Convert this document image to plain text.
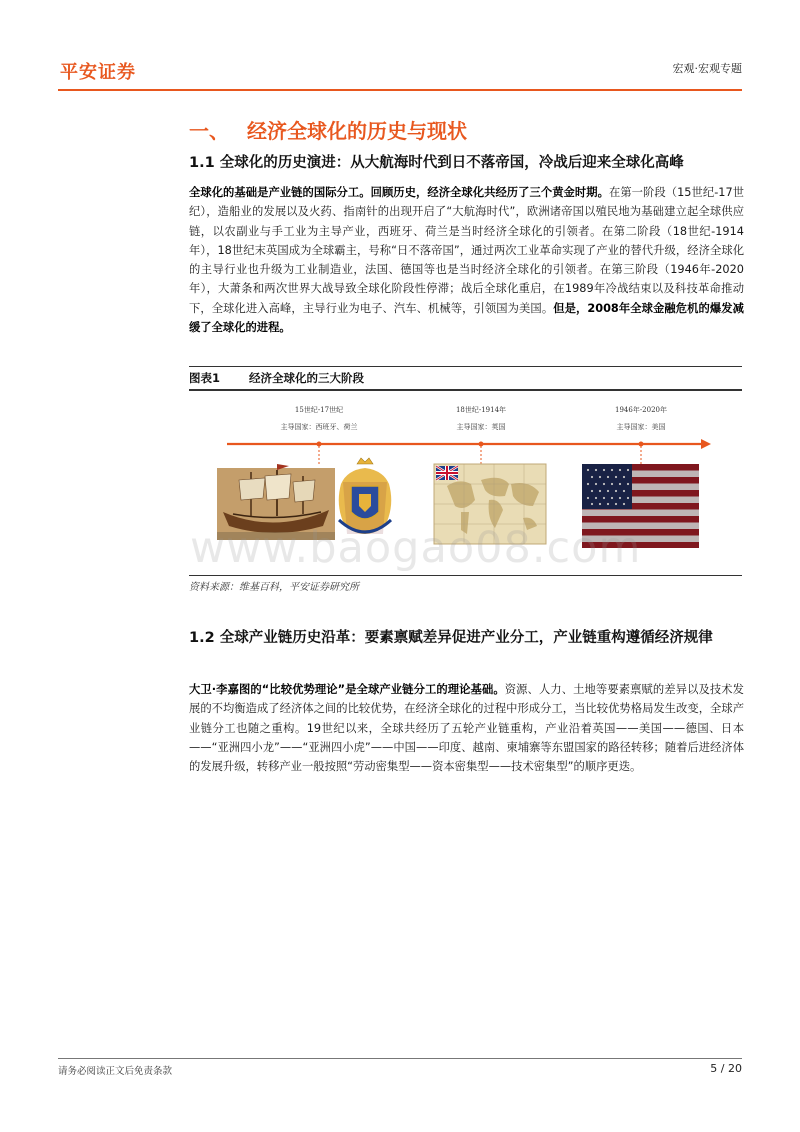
平安证券	宏观·宏观专题
一、 经济全球化的历史与现状
1.1 全球化的历史演进：从大航海时代到日不落帝国，冷战后迎来全球化高峰
全球化的基础是产业链的国际分工。回顾历史，经济全球化共经历了三个黄金时期。在第一阶段（15世纪-17世纪），造船业的发展以及火药、指南针的出现开启了“大航海时代”，欧洲诸帝国以殖民地为基础建立起全球供应链，以农副业与手工业为主导产业，西班牙、荷兰是当时经济全球化的引领者。在第二阶段（18世纪-1914年），18世纪末英国成为全球霸主，号称“日不落帝国”，通过两次工业革命实现了产业的替代升级，经济全球化的主导行业也升级为工业制造业，法国、德国等也是当时经济全球化的引领者。在第三阶段（1946年-2020年），大萧条和两次世界大战导致全球化阶段性停滞；战后全球化重启，在1989年冷战结束以及科技革命推动下，全球化进入高峰，主导行业为电子、汽车、机械等，引领国为美国。但是，2008年全球金融危机的爆发减缓了全球化的进程。
图表1	经济全球化的三大阶段
15世纪-17世纪
主导国家：西班牙、荷兰
18世纪-1914年
主导国家：英国
1946年-2020年
主导国家：美国
www.baogao08.com
资料来源：维基百科，平安证券研究所
1.2 全球产业链历史沿革：要素禀赋差异促进产业分工，产业链重构遵循经济规律
大卫·李嘉图的“比较优势理论”是全球产业链分工的理论基础。资源、人力、土地等要素禀赋的差异以及技术发展的不均衡造成了经济体之间的比较优势，在经济全球化的过程中形成分工，当比较优势格局发生改变，全球产业链分工也随之重构。19世纪以来，全球共经历了五轮产业链重构，产业沿着英国——美国——德国、日本——“亚洲四小龙”——“亚洲四小虎”——中国——印度、越南、柬埔寨等东盟国家的路径转移；随着后进经济体的发展升级，转移产业一般按照“劳动密集型——资本密集型——技术密集型”的顺序更迭。
请务必阅读正文后免责条款	5 / 20
